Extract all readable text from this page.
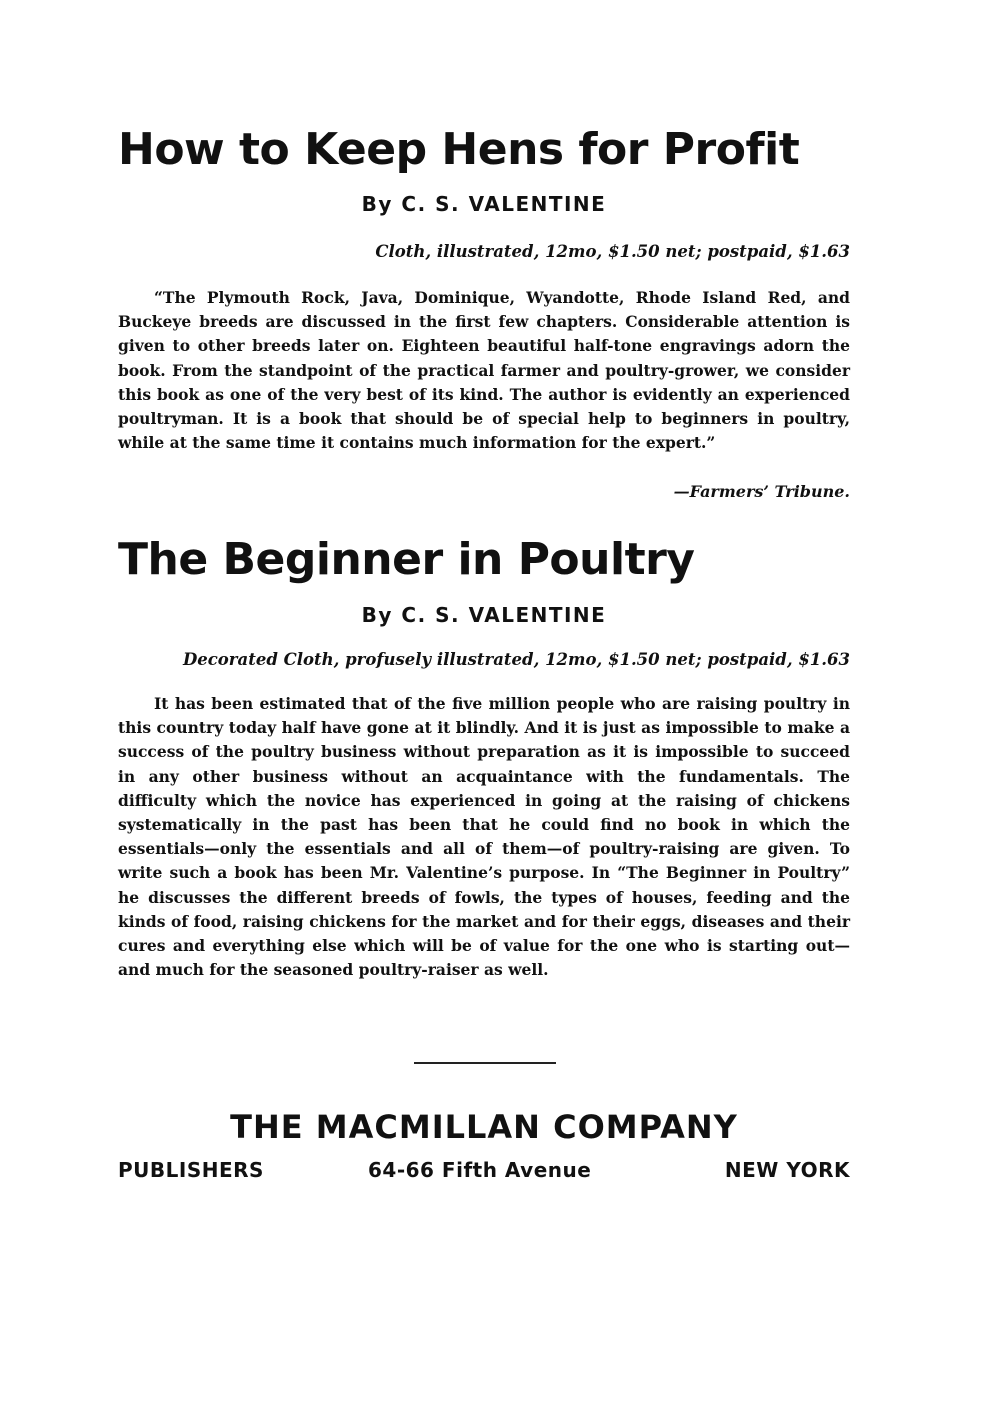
How to Keep Hens for Profit
By C. S. VALENTINE
Cloth, illustrated, 12mo, $1.50 net; postpaid, $1.63

“The Plymouth Rock, Java, Dominique, Wyandotte, Rhode Island Red, and Buckeye breeds are discussed in the first few chapters. Considerable attention is given to other breeds later on. Eighteen beautiful half-tone engravings adorn the book. From the standpoint of the practical farmer and poultry-grower, we consider this book as one of the very best of its kind. The author is evidently an experienced poultryman. It is a book that should be of special help to beginners in poultry, while at the same time it contains much information for the expert.”

—Farmers’ Tribune.
The Beginner in Poultry
By C. S. VALENTINE
Decorated Cloth, profusely illustrated, 12mo, $1.50 net; postpaid, $1.63

It has been estimated that of the five million people who are raising poultry in this country today half have gone at it blindly. And it is just as impossible to make a success of the poultry business without preparation as it is impossible to succeed in any other business without an acquaintance with the fundamentals. The difficulty which the novice has experienced in going at the raising of chickens systematically in the past has been that he could find no book in which the essentials—only the essentials and all of them—of poultry-raising are given. To write such a book has been Mr. Valentine’s purpose. In “The Beginner in Poultry” he discusses the different breeds of fowls, the types of houses, feeding and the kinds of food, raising chickens for the market and for their eggs, diseases and their cures and everything else which will be of value for the one who is starting out—and much for the seasoned poultry-raiser as well.

THE MACMILLAN COMPANY
PUBLISHERS	64-66 Fifth Avenue	NEW YORK
